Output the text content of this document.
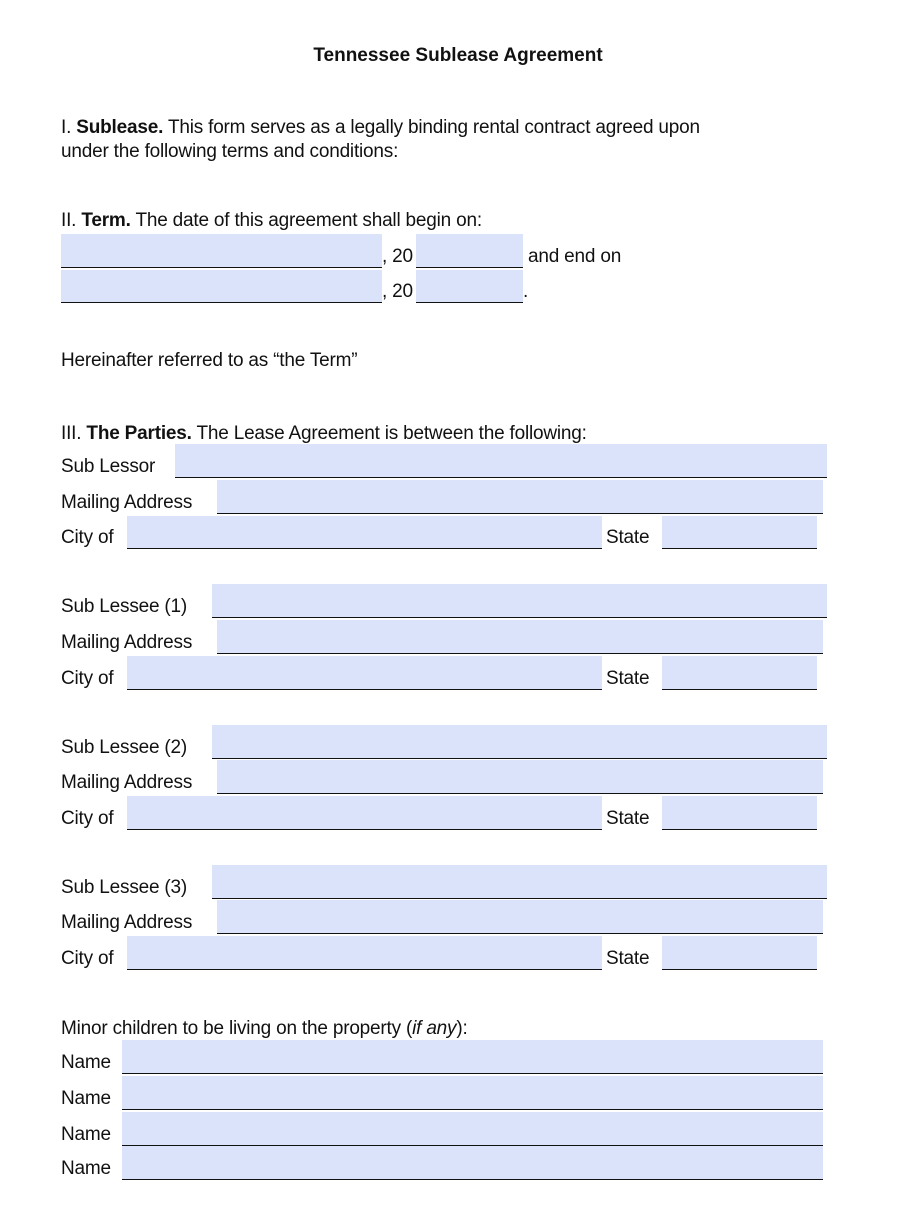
Tennessee Sublease Agreement
I. Sublease. This form serves as a legally binding rental contract agreed upon
under the following terms and conditions:
II. Term. The date of this agreement shall begin on:
, 20	and end on
, 20	.
Hereinafter referred to as “the Term”
III. The Parties. The Lease Agreement is between the following:
Sub Lessor
Mailing Address
City of	State
Sub Lessee (1)
Mailing Address
City of	State
Sub Lessee (2)
Mailing Address
City of	State
Sub Lessee (3)
Mailing Address
City of	State
Minor children to be living on the property (if any):
Name
Name
Name
Name
